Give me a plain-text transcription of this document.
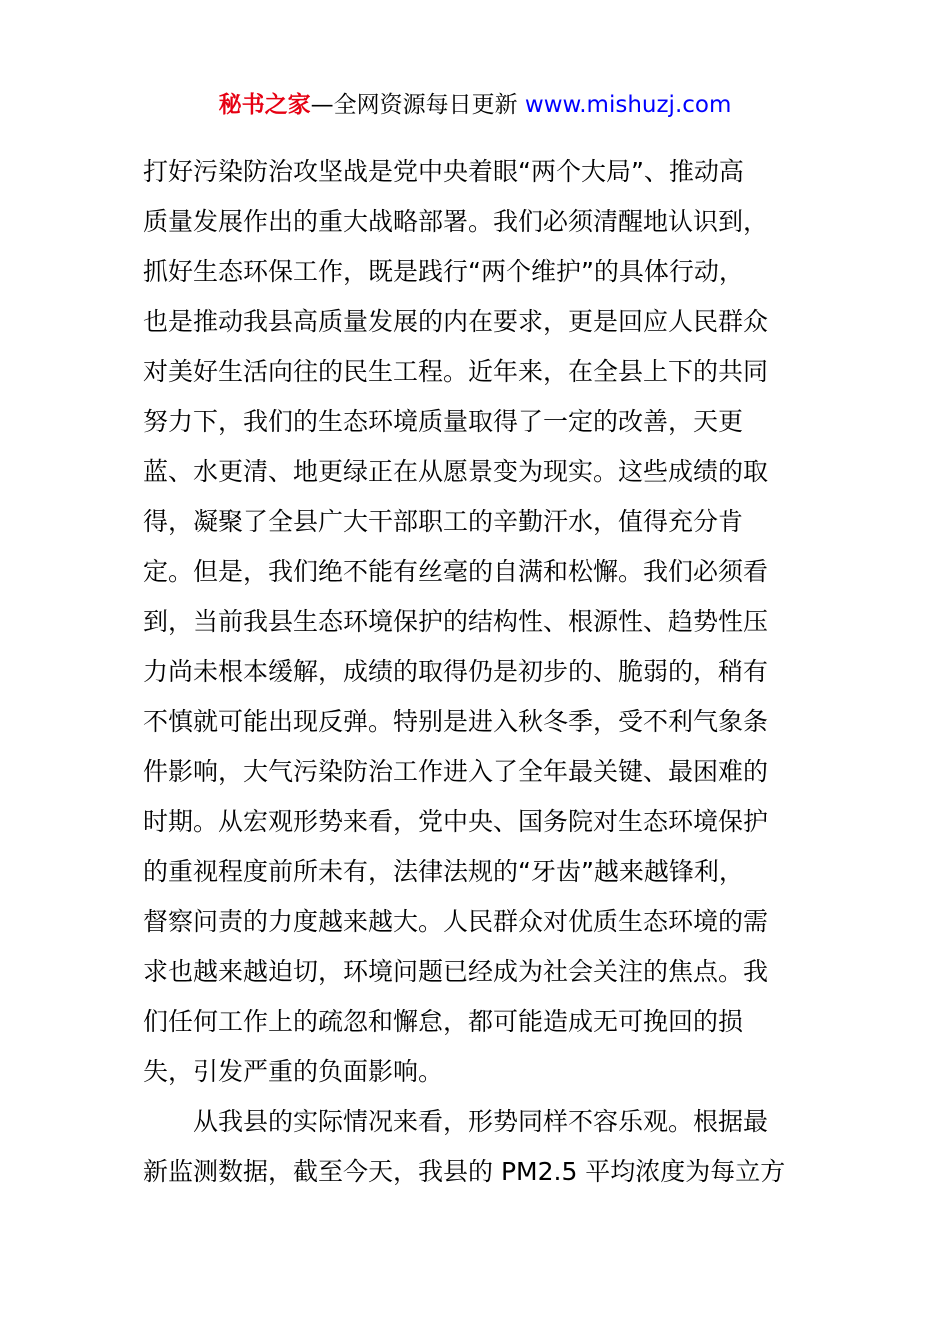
秘书之家—全网资源每日更新 www.mishuzj.com
打好污染防治攻坚战是党中央着眼“两个大局”、推动高
质量发展作出的重大战略部署。我们必须清醒地认识到，
抓好生态环保工作，既是践行“两个维护”的具体行动，
也是推动我县高质量发展的内在要求，更是回应人民群众
对美好生活向往的民生工程。近年来，在全县上下的共同
努力下，我们的生态环境质量取得了一定的改善，天更
蓝、水更清、地更绿正在从愿景变为现实。这些成绩的取
得，凝聚了全县广大干部职工的辛勤汗水，值得充分肯
定。但是，我们绝不能有丝毫的自满和松懈。我们必须看
到，当前我县生态环境保护的结构性、根源性、趋势性压
力尚未根本缓解，成绩的取得仍是初步的、脆弱的，稍有
不慎就可能出现反弹。特别是进入秋冬季，受不利气象条
件影响，大气污染防治工作进入了全年最关键、最困难的
时期。从宏观形势来看，党中央、国务院对生态环境保护
的重视程度前所未有，法律法规的“牙齿”越来越锋利，
督察问责的力度越来越大。人民群众对优质生态环境的需
求也越来越迫切，环境问题已经成为社会关注的焦点。我
们任何工作上的疏忽和懈怠，都可能造成无可挽回的损
失，引发严重的负面影响。
从我县的实际情况来看，形势同样不容乐观。根据最
新监测数据，截至今天，我县的 PM2.5 平均浓度为每立方
